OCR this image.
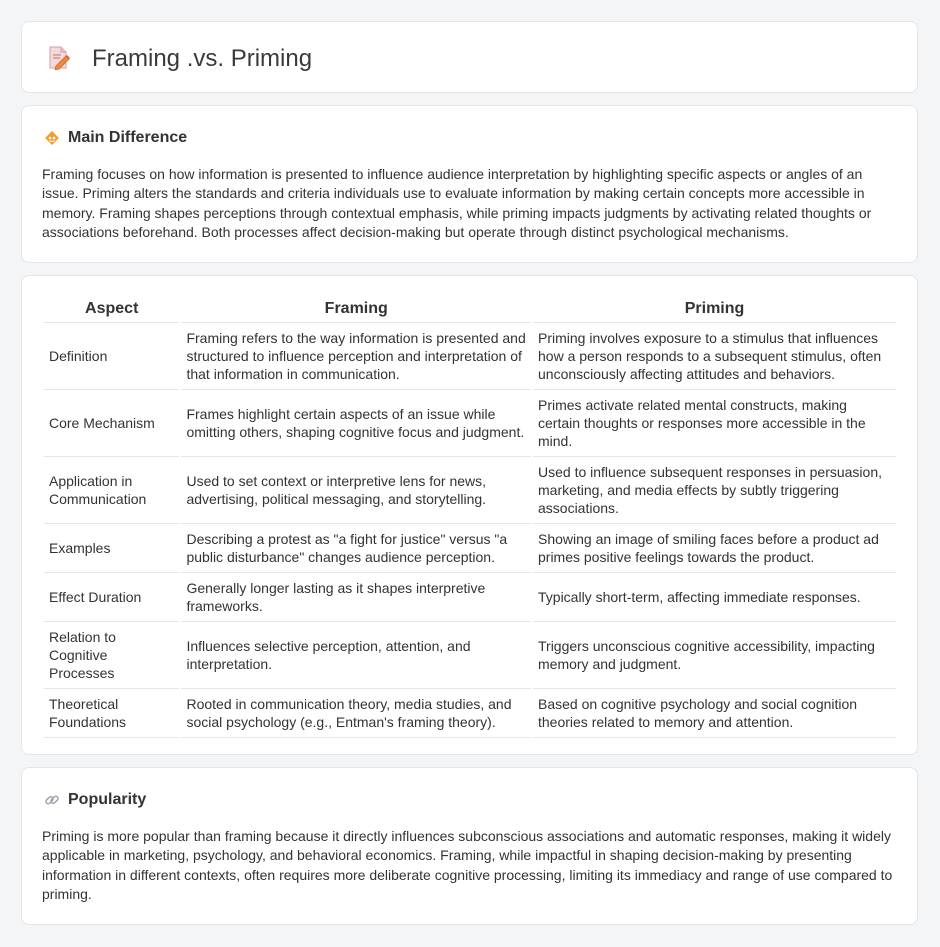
Framing .vs. Priming
Main Difference

Framing focuses on how information is presented to influence audience interpretation by highlighting specific aspects or angles of an issue. Priming alters the standards and criteria individuals use to evaluate information by making certain concepts more accessible in memory. Framing shapes perceptions through contextual emphasis, while priming impacts judgments by activating related thoughts or associations beforehand. Both processes affect decision-making but operate through distinct psychological mechanisms.

Aspect	Framing	Priming
Definition	Framing refers to the way information is presented and structured to influence perception and interpretation of that information in communication.	Priming involves exposure to a stimulus that influences how a person responds to a subsequent stimulus, often unconsciously affecting attitudes and behaviors.
Core Mechanism	Frames highlight certain aspects of an issue while omitting others, shaping cognitive focus and judgment.	Primes activate related mental constructs, making certain thoughts or responses more accessible in the mind.
Application in Communication	Used to set context or interpretive lens for news, advertising, political messaging, and storytelling.	Used to influence subsequent responses in persuasion, marketing, and media effects by subtly triggering associations.
Examples	Describing a protest as "a fight for justice" versus "a public disturbance" changes audience perception.	Showing an image of smiling faces before a product ad primes positive feelings towards the product.
Effect Duration	Generally longer lasting as it shapes interpretive frameworks.	Typically short-term, affecting immediate responses.
Relation to Cognitive Processes	Influences selective perception, attention, and interpretation.	Triggers unconscious cognitive accessibility, impacting memory and judgment.
Theoretical Foundations	Rooted in communication theory, media studies, and social psychology (e.g., Entman's framing theory).	Based on cognitive psychology and social cognition theories related to memory and attention.
Popularity

Priming is more popular than framing because it directly influences subconscious associations and automatic responses, making it widely applicable in marketing, psychology, and behavioral economics. Framing, while impactful in shaping decision-making by presenting information in different contexts, often requires more deliberate cognitive processing, limiting its immediacy and range of use compared to priming.
